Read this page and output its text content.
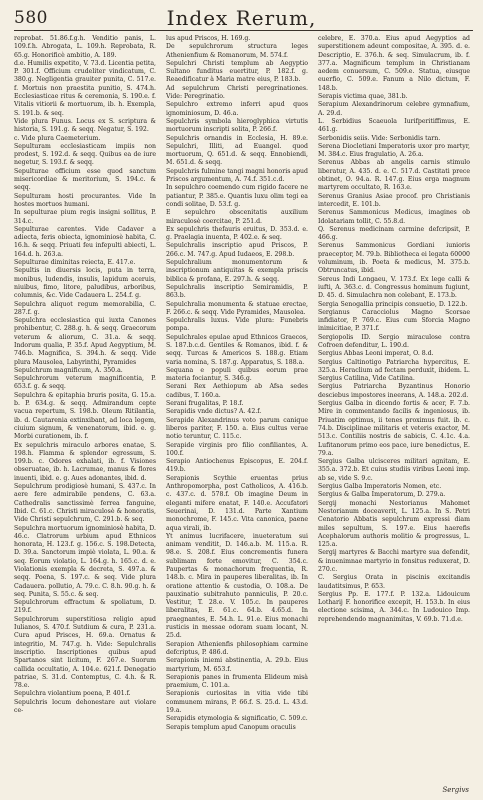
580	Index Rerum,

reprobat. 51.86.f.g.h. Venditio panis, L. 109.f.h. Abrogata, L. 109.h. Reprobata, R. 65.g. Honorificè ambitio, A. 189.

d.e. Humilis expetito, V. 73.d. Licentia petita, P. 301.f. Officium crudeliter vindicatum, C. 380.g. Negligentia grauiter punita, C. 517.e. f. Mortuis non praestita punitio, S. 474.h. Ecclesiasticae ritus & ceremonia, S. 190.e. f. Vitalis vitiorii & mortuorum, ib. h. Exempla, S. 191.b. & seq.

Vide plura Funus. Locus ex S. scriptura & historia, S. 191.g. & seqq. Negatur, S. 192.

c. Vide plura Caemeterium.

Sepulturam ecclesiasticam impiis non prodest, S. 192.d. & seqq. Quibus ea de iure negetur, S. 193.f. & seqq.

Sepulturae officium esse quod sanctum misericordiae & meritorium, S. 194.c. & seqq.

Sepulturam hosti procurantes. Vide In hostes mortuos humani.

In sepulturae pium regis insigni sollitus, P. 314.c.

Sepulturae carentes. Vide Cadaver a adiecta, feris obiecta, ignominiosè habita, C. 16.h. & seqq. Priuati feu infepulti abiecti, L. 164.d. h. 263.a.

Sepulturae diminitas reiecta, E. 417.e.

Sepultis in diuersis locis, puta in terra, monibus, ludendis, insulis, lapidum aceruis, niuibus, fimo, litore, paludibus, arboribus, columnis, &c. Vide Cadauera L. 254.f. g.

Sepulchra aliquot regum memorabilia, C. 287.f. g.

Sepulchra ecclesiastica qui iuxta Canones prohibentur, C. 288.g. h. & seqq. Graecorum veterum & aliorum, C. 31.a. & seqq. Indorum qualia, P. 35.f. Apud Aegyptium, M. 746.b. Magnifica, S. 394.h. & seqq. Vide plura Mausolea, Labyrinthi, Pyramides

Sepulchrum magnificum, A. 350.a.

Sepulchrorum veterum magnificentia, P. 653.f. g. & seqq.

Sepulchra & epitaphia bruris posita, G. 15.a. b. P. 634.g. & seqq. Admirandum cepte vacua repertum, S. 198.b. Oleum Ritilantia, ib. d. Cautarenia extinxibant, ad loca legem, ciuium signum, & venenatorum, ibid. e. g. Morbi curationem, ib. f.

Ex sepulchris miraculo arbores enatae, S. 198.h. Flamma & splendor egressum, S. 199.b. c. Odores exhalati, ib. f. Visiones obseruatae, ib. h. Lacrumae, manus & flores inuenti, ibid. e. g. Aues adonantes, ibid. d.

Sepulchrum prodigiosè humani, S. 437.c. In aere fere admirabile pendens, C. 63.a. Cathedralis sanctissimè ferrea fanguine, Ibid. C. 61.c. Christi miraculosè & honoratis, Vide Christi sepulchrum, C. 291.b. & seq.

Sepulchra mortuorum ignominiosè habita, D. 46.c. Clatrorum urbium apud Ethnicos honorata, H. 123.f. g. 156.c. S. 198.Detecta, D. 39.a. Sanctorum impiè violata, L. 90.a. & seq. Eorum violatio, L. 164.g. h. 165.c. d. e. Violationis exempla & decreta, S. 497.a. & seqq. Poena, S. 197.c. & seq. Vide plura Cadauera. pollutio, A. 79.c. C. 8.h. 90.g. h. & seq. Punita, S. 55.c. & seq.

Sepulchrorum effractum & spoliatum, D. 219.f.

Sepulchrorum superstitiosa religio apud Iulianos, S. 470.f. Sutdium & cura, P. 231.a. Cura apud Prisces, H. 69.a. Ornatus & integritio, M. 747.g. h. Vide: Sepulchralis inscriptio. Inscriptiones quibus apud Spartanos sint licitum, F. 267.e. Suorum callida occultatio, A. 104.e. 621.f. Denegatio patriae, S. 31.d. Contemptus, C. 4.h. & R. 78.e.

Sepulchra violantium poena, P. 401.f.

Sepulchris locum dehonestare aut violare ce-

lus apud Priscos, H. 169.g.

De sepulchrorum structura leges Athenienfium & Romanorum, M. 574.f.

Sepulchri Christi templum ab Aegyptio Sultano funditus euertitur, P. 182.f. g. Reaedificatur à Maria matre eius, P. 183.b.

Ad sepulchrum Christi peregrinationes. Vide: Peregrinatio.

Sepulchro extremo inferri apud quos ignominiosum, D. 46.a.

Sepulchris symbola hieroglyphica virtutis mortuorum inscripti solita, P. 266.f.

Sepulchris ornandis in Ecclesia, H. 89.e. Sepulchri, Illiti, ad Euangel. quod mortuorum, Q. 651.d. & seqq. Ennobiendi, M. 651.d. & seqq.

Sepulchris fulmine tangi magni honoris apud Priscos argumentum, A. 74.f. 351.c.d.

In sepulchro coemendo cum rigido facere ne patiantur, P. 385.e. Quantis luxu olim tegi ea condi solitae, D. 53.f. g.

E sepulchro obscenitatis auxilium miraculosè coercitae, P. 251.d.

Ex sepulchris thefauris eruitus, D. 353.d. e. g. Praelagia inuenta, P. 402.e. & seq.

Sepulchralis inscriptio apud Priscos, P. 266.c. M. 747.g. Apud Iudaeos, E. 298.b.

Sepulchralium monumentorum & inscriptionum antiquitas & exempla priscis biblica & profana, E. 297.h. & seqq.

Sepulchralis inscriptio Semiramidis, P. 863.b.

Sepulchralia monumenta & statuae erectae, F. 266.c. & seqq. Vide Pyramides, Mausolea.

Sepulchralis luxus. Vide plura: Funebris pompa.

Sepulchrales epulae apud Ethnicos Graecos, S. 187.b.c.d. Gentiles & Romanos, ibid. f. & seqq. Turcas & Americos S. 188.g. Etiam varia nomina, S. 187.g. Apparatus, S. 188.a.

Sequana e populi quibus eorum prae materia fociantur, S. 346.g.

Serani Rex Aethiopum ab Afsa sedes cadibus, T. 160.a.

Serani frugalitas, P. 18.f.

Serapidis vnde dictus? A. 42.f.

Serapide Alexandrinus voto parum canique liberos pariter, F. 150. a. Eius cultus verae notio teruntur, C. 115.c.

Serapide virginis pro filio confiliantes, A. 100.f.

Serapio Antiochenus Episcopus, E. 204.f. 419.b.

Serapionis Scythie eruentas prius Anthropomorpha, post Catholicos, A. 416.b. c. 437.c. d. 578.f. Ob imagine Deum in eleganti mifere enatat, F. 140.e. Accufatori Seuerinai, D. 131.d. Parte Xantium monochrome, F. 145.c. Vita canonica, paene aqua virali, ib.

Yt animus lucrifacere, inueteratum sui animam venditit, D. 146.a.b. M. 115.a. R. 98.e. S. 208.f. Eius concrementis funera sublimam forte emovitur, C. 354.c. Paupertas & monachorum frequentia, R. 148.b. c. Mira in pauperes liberalitas, ib. In oratione attentio & custodia, O. 108.a. De pauxinatio subitrahuto panniculis, P. 20.c. Vestitur, T. 28.e. V. 105.c. In pauperes liberalitas, E. 61.c. 64.b. 4.65.d. In praegnantes, E. 54.h. L. 91.e. Eius monachi rusticis in messae odoram suam locant, N. 25.d.

Serapion Athenienfis philosophiam carmine defcriptus, P. 486.d.

Serapionis iniemi abstinentia, A. 29.b. Eius martyrium, M. 653.f.

Serapionis panes in frumenta Elideum misà praemium, C. 101.a.

Serapionis curiositas in vitia vide tibi communem mirans, P. 66.f. S. 25.d. L. 43.d. 19.a.

Serapidis etymologia & significatio, C. 509.c.

Serapis templum apud Canopum oraculis

celebre, E. 370.a. Eius apud Aegyptios ad superstitionem adeunt compositae, A. 395. d. e. Descriptio, E. 376.h. & seq. Simulacrum, ib. f. 377.a. Magnificum templum in Christianam aedem conuersum, C. 509.e. Statua, eiusque euerfio, C. 509.e. Fanum a Nilo dictum, F. 148.b.

Serapis victima quae, 381.b.

Serapium Alexandrinorum celebre gymnafium, A. 29.d.

L. Serbidius Scaeuola Iurifperitiffimus, E. 461.g.

Serbonidis seiis. Vide: Serbonidis tarn.

Serena Diocletiani Imperatoris uxor pro martyr, M. 384.c. Eius fragulatio, A. 26.a.

Serenus Abbas ab angelis carnis stimulo liberatur, A. 435. d. e. C. 517.d. Castitati prece obtinet, O. 94.a. R. 147.g. Eius erga magnum martyrem occultato, R. 163.e.

Serenus Granius Asiae procof. pro Christianis intercedit, E. 101.b.

Serenus Sammonicus Medicus, imagines ob Idolatariam tollit, C. 55.8.d.

Q. Serenus medicinam carmine defcripsit, P. 466.g.

Serenus Sammonicus Gordiani iunioris praeceptor, M. 79.b. Bibliotheca ei legata 60000 voluminum, ib. Poeta & medicus, M. 375.b. Obtruncatus, ibid.

Sereus Indi Longaeu, V. 173.f. Ex lege calli & iufti, A. 363.c. d. Congressus hominum fugiunt, D. 45. d. Simulachra non colebant, E. 173.b.

Sergia Senogallia principis consuetio, D. 122.b.

Sergianus Caracciolus Magno Scorsae infidiator, P. 769.c. Eius cum Sforcia Magno inimicitiae, P. 371.f.

Sergiopolis ID. Sergio miraculose contra Cofroen defenditur, L. 190.d.

Sergius Abbas Leoni imperat, O. 8.d.

Sergius Caltinotigo Patriarcha hypercitus, E. 325.a. Heraclium ad fectam perduxit, ibidem. L. Sergius Catilina, Vide Catilina.

Sergius Patriarcha Byzantinus Honorio desciebus impostores ineerans, A. 148.a. 202.d.

Sergius Galba in dicendo fortis & acer, F. 7.b. Mire in commentando facilis & ingeniosus, ib. Priuatim optimus, ii tenes proximus fuit. ib. c. 74.b. Disciplinae militaris et veteris exactor, M. 513.c. Contiliis nostris de sabicis, C. 4.1c. 4.a. Lufitanorum primo eos pace, iure benedictus, E. 79.a.

Sergius Galba ulcisceres militari agnitam, E. 355.a. 372.b. Et cuius studiis viribus Leoni imp. ab se, vide S. 9.c.

Sergius Galba Imperatoris Nomen, etc.

Sergius & Galba Imperatorum, D. 279.a.

Sergij monachi Nestorianus Mahomet Nestorianum doceaverit, L. 125.a. In S. Petri Cenatorio Abbatis sepulchrum expressi diam miles sepultum, S. 197.e. Eius haerefis Acephalorum authoris molitio & progressus, L. 125.a.

Sergij martyres & Bacchi martyre sua defendit, & inuenimnae martyrio in fonsitus reduxerat, D. 270.c.

C. Sergius Orata in piscinis excitandis laudatitsimus, P. 653.

Sergius Pp. E. 177.f. P. 132.a. Lidouicum Lotharij F. honorifice excepit, H. 153.b. In eius electione scisima, A. 344.c. In Ludouico Imp. reprehendendo magnanimitas, V. 69.b. 71.d.e.

Sergivs
